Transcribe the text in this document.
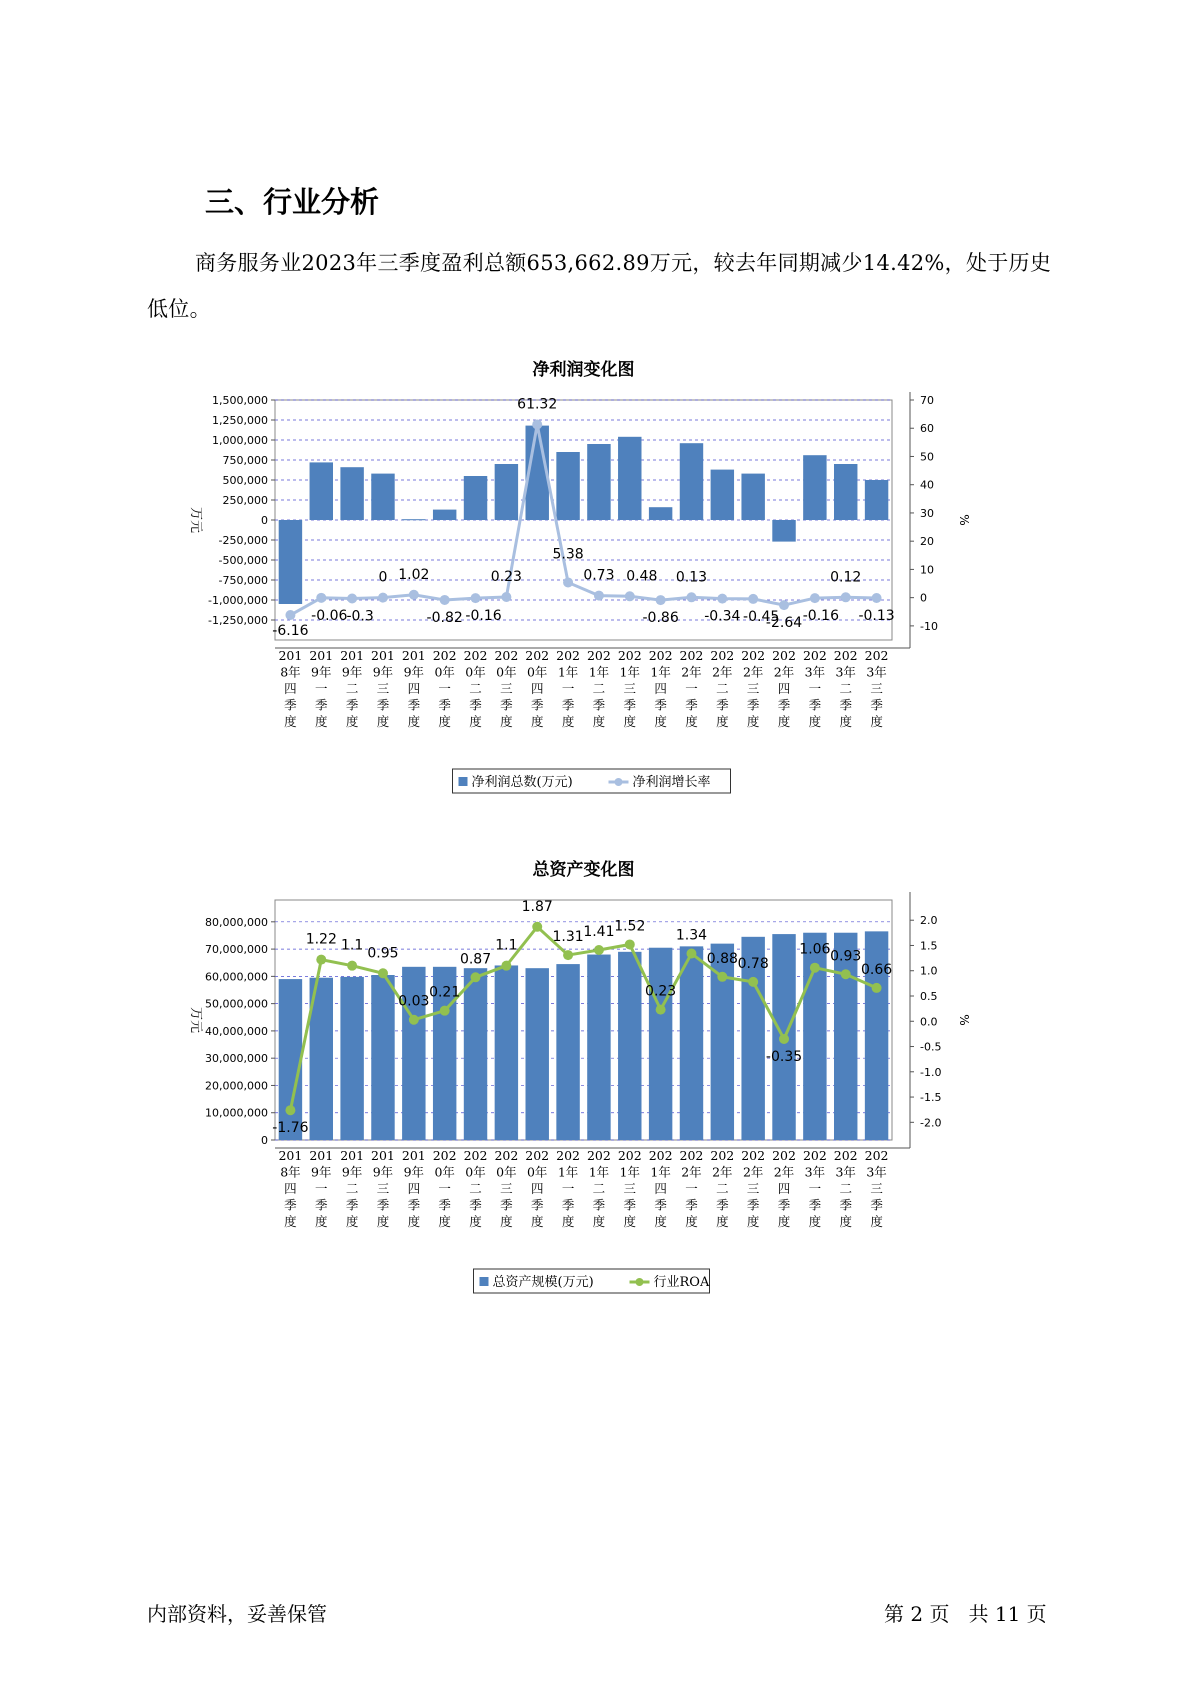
三、行业分析

商务服务业2023年三季度盈利总额653,662.89万元，较去年同期减少14.42%，处于历史低位。

净利润变化图
-1,250,000
-1,000,000
-750,000
-500,000
-250,000
0
250,000
500,000
750,000
1,000,000
1,250,000
1,500,000
-10
0
10
20
30
40
50
60
70
万元	%
-6.16
-0.06 -0.3
0 1.02
-0.82 -0.16
0.23
61.32
5.38
0.73 0.48
-0.86
0.13
-0.34 -0.45
-2.64 -0.16
0.12
-0.13
201
8年
四
季
度
201
9年
一
季
度
201
9年
二
季
度
201
9年
三
季
度
201
9年
四
季
度
202
0年
一
季
度
202
0年
二
季
度
202
0年
三
季
度
202
0年
四
季
度
202
1年
一
季
度
202
1年
二
季
度
202
1年
三
季
度
202
1年
四
季
度
202
2年
一
季
度
202
2年
二
季
度
202
2年
三
季
度
202
2年
四
季
度
202
3年
一
季
度
202
3年
二
季
度
202
3年
三
季
度
净利润总数(万元)	净利润增长率
总资产变化图
0
10,000,000
20,000,000
30,000,000
40,000,000
50,000,000
60,000,000
70,000,000
80,000,000
-2.0
-1.5
-1.0
-0.5
0.0
0.5
1.0
1.5
2.0
万元	%
-1.76
1.22 1.1 0.95
0.03
0.21
0.87
1.1
1.87
1.31 1.41 1.52
0.23
1.34
0.88 0.78
-0.35
1.06 0.93
0.66
201
8年
四
季
度
201
9年
一
季
度
201
9年
二
季
度
201
9年
三
季
度
201
9年
四
季
度
202
0年
一
季
度
202
0年
二
季
度
202
0年
三
季
度
202
0年
四
季
度
202
1年
一
季
度
202
1年
二
季
度
202
1年
三
季
度
202
1年
四
季
度
202
2年
一
季
度
202
2年
二
季
度
202
2年
三
季
度
202
2年
四
季
度
202
3年
一
季
度
202
3年
二
季
度
202
3年
三
季
度
总资产规模(万元)	行业ROA
内部资料，妥善保管	第 2 页   共 11 页
